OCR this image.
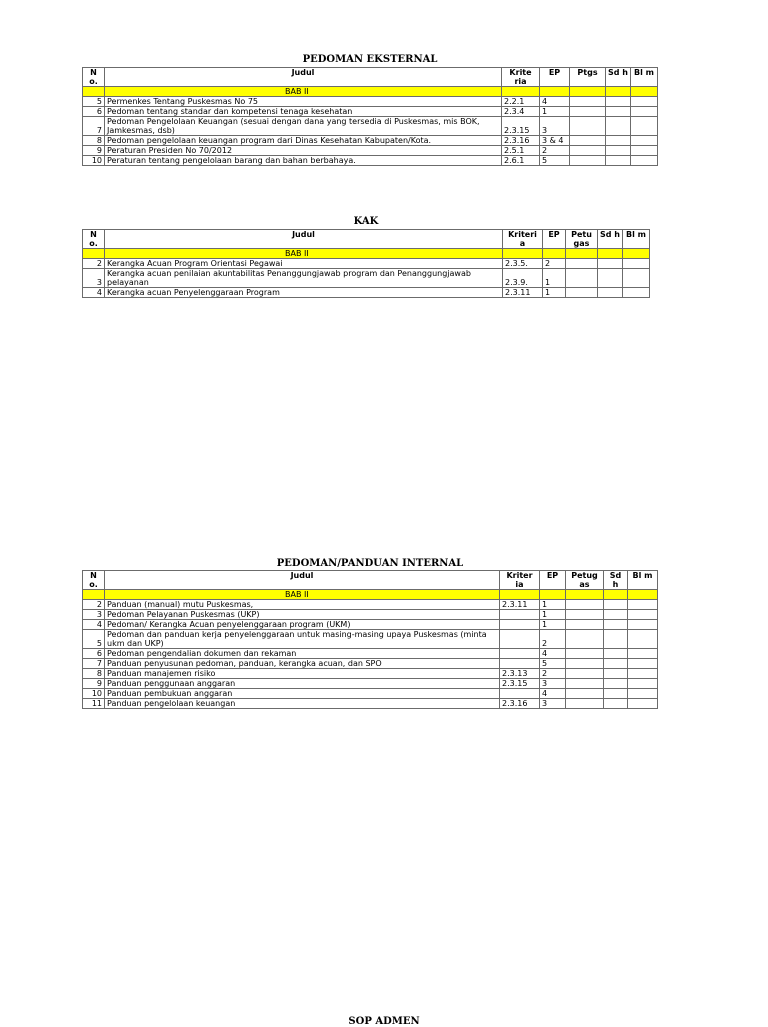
PEDOMAN EKSTERNAL
N o.	Judul	Krite ria	EP	Ptgs	Sd h	Bl m
	BAB II					
5	Permenkes Tentang Puskesmas No 75	2.2.1	4			
6	Pedoman tentang standar dan kompetensi tenaga kesehatan	2.3.4	1			
7	Pedoman Pengelolaan Keuangan (sesuai dengan dana yang tersedia di Puskesmas, mis BOK, Jamkesmas, dsb)	2.3.15	3			
8	Pedoman pengelolaan keuangan program dari Dinas Kesehatan Kabupaten/Kota.	2.3.16	3 & 4			
9	Peraturan Presiden No 70/2012	2.5.1	2			
10	Peraturan tentang pengelolaan barang dan bahan berbahaya.	2.6.1	5			
KAK
N o.	Judul	Kriteri a	EP	Petu gas	Sd h	Bl m
	BAB II					
2	Kerangka Acuan Program Orientasi Pegawai	2.3.5.	2			
3	Kerangka acuan penilaian akuntabilitas Penanggungjawab program dan Penanggungjawab pelayanan	2.3.9.	1			
4	Kerangka acuan Penyelenggaraan Program	2.3.11	1			
PEDOMAN/PANDUAN INTERNAL
N o.	Judul	Kriter ia	EP	Petug as	Sd h	Bl m
	BAB II					
2	Panduan (manual) mutu Puskesmas,	2.3.11	1			
3	Pedoman Pelayanan Puskesmas (UKP)		1			
4	Pedoman/ Kerangka Acuan penyelenggaraan program (UKM)		1			
5	Pedoman dan panduan kerja penyelenggaraan untuk masing-masing upaya Puskesmas (minta ukm dan UKP)		2			
6	Pedoman pengendalian dokumen dan rekaman		4			
7	Panduan penyusunan pedoman, panduan, kerangka acuan, dan SPO		5			
8	Panduan manajemen risiko	2.3.13	2			
9	Panduan penggunaan anggaran	2.3.15	3			
10	Panduan pembukuan anggaran		4			
11	Panduan pengelolaan keuangan	2.3.16	3			
SOP ADMEN
